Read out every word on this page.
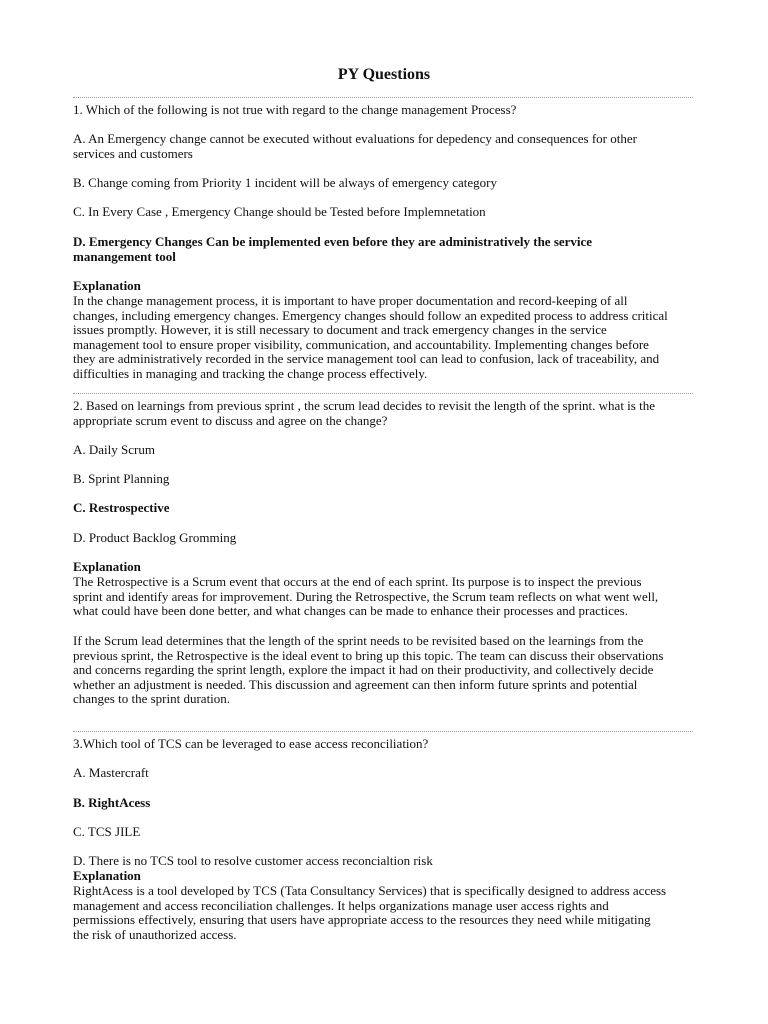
PY Questions
1. Which of the following is not true with regard to the change management Process?
A. An Emergency change cannot be executed without evaluations for depedency and consequences for other
services and customers
B. Change coming from Priority 1 incident will be always of emergency category
C. In Every Case , Emergency Change should be Tested before Implemnetation
D. Emergency Changes Can be implemented even before they are administratively the service
manangement tool
Explanation
In the change management process, it is important to have proper documentation and record-keeping of all
changes, including emergency changes. Emergency changes should follow an expedited process to address critical
issues promptly. However, it is still necessary to document and track emergency changes in the service
management tool to ensure proper visibility, communication, and accountability. Implementing changes before
they are administratively recorded in the service management tool can lead to confusion, lack of traceability, and
difficulties in managing and tracking the change process effectively.
2. Based on learnings from previous sprint , the scrum lead decides to revisit the length of the sprint. what is the
appropriate scrum event to discuss and agree on the change?
A. Daily Scrum
B. Sprint Planning
C. Restrospective
D. Product Backlog Gromming
Explanation
The Retrospective is a Scrum event that occurs at the end of each sprint. Its purpose is to inspect the previous
sprint and identify areas for improvement. During the Retrospective, the Scrum team reflects on what went well,
what could have been done better, and what changes can be made to enhance their processes and practices.
If the Scrum lead determines that the length of the sprint needs to be revisited based on the learnings from the
previous sprint, the Retrospective is the ideal event to bring up this topic. The team can discuss their observations
and concerns regarding the sprint length, explore the impact it had on their productivity, and collectively decide
whether an adjustment is needed. This discussion and agreement can then inform future sprints and potential
changes to the sprint duration.
3.Which tool of TCS can be leveraged to ease access reconciliation?
A. Mastercraft
B. RightAcess
C. TCS JILE
D. There is no TCS tool to resolve customer access reconcialtion risk
Explanation
RightAcess is a tool developed by TCS (Tata Consultancy Services) that is specifically designed to address access
management and access reconciliation challenges. It helps organizations manage user access rights and
permissions effectively, ensuring that users have appropriate access to the resources they need while mitigating
the risk of unauthorized access.
